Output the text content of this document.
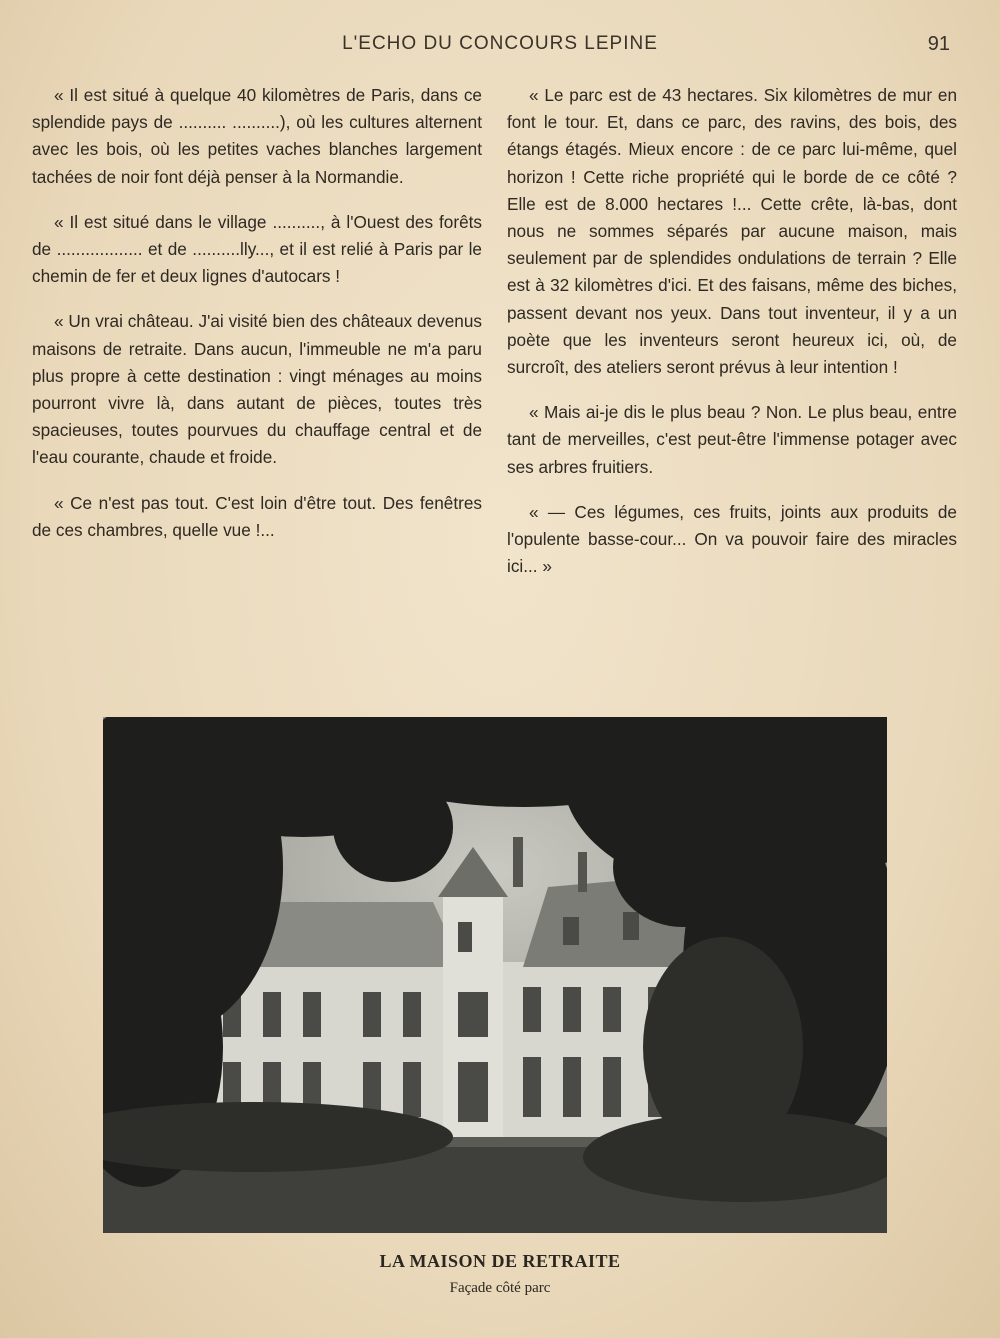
L'ECHO DU CONCOURS LEPINE	91

« Il est situé à quelque 40 kilomètres de Paris, dans ce splendide pays de .......... ..........), où les cultures alternent avec les bois, où les petites vaches blanches largement tachées de noir font déjà penser à la Normandie.

« Il est situé dans le village .........., à l'Ouest des forêts de .................. et de ..........lly..., et il est relié à Paris par le chemin de fer et deux lignes d'autocars !

« Un vrai château. J'ai visité bien des châteaux devenus maisons de retraite. Dans aucun, l'immeuble ne m'a paru plus propre à cette destination : vingt ménages au moins pourront vivre là, dans autant de pièces, toutes très spacieuses, toutes pourvues du chauffage central et de l'eau courante, chaude et froide.

« Ce n'est pas tout. C'est loin d'être tout. Des fenêtres de ces chambres, quelle vue !...

« Le parc est de 43 hectares. Six kilomètres de mur en font le tour. Et, dans ce parc, des ravins, des bois, des étangs étagés. Mieux encore : de ce parc lui-même, quel horizon ! Cette riche propriété qui le borde de ce côté ? Elle est de 8.000 hectares !... Cette crête, là-bas, dont nous ne sommes séparés par aucune maison, mais seulement par de splendides ondulations de terrain ? Elle est à 32 kilomètres d'ici. Et des faisans, même des biches, passent devant nos yeux. Dans tout inventeur, il y a un poète que les inventeurs seront heureux ici, où, de surcroît, des ateliers seront prévus à leur intention !

« Mais ai-je dis le plus beau ? Non. Le plus beau, entre tant de merveilles, c'est peut-être l'immense potager avec ses arbres fruitiers.

« — Ces légumes, ces fruits, joints aux produits de l'opulente basse-cour... On va pouvoir faire des miracles ici... »

LA MAISON DE RETRAITE
Façade côté parc
